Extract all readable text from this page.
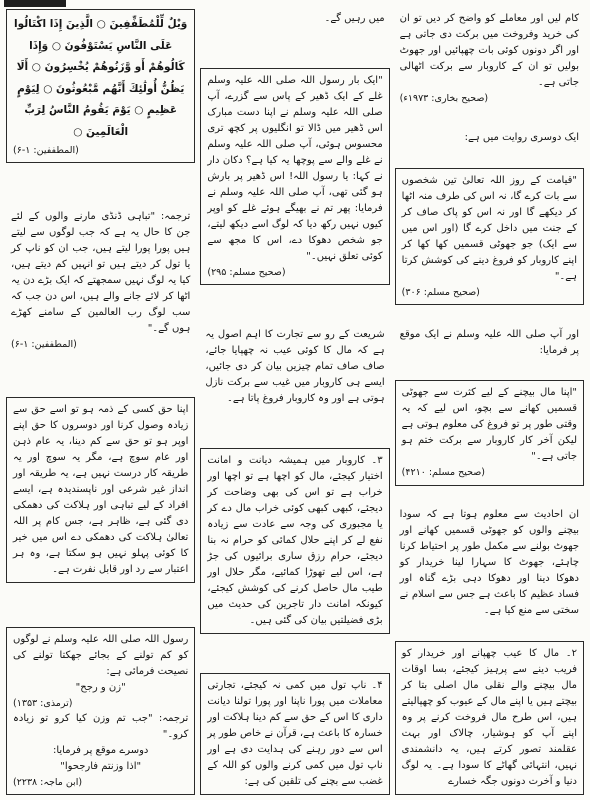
کام لیں اور معاملے کو واضح کر دیں تو ان کی خرید وفروخت میں برکت دی جاتی ہے اور اگر دونوں کوئی بات چھپائیں اور جھوٹ بولیں تو ان کے کاروبار سے برکت اٹھالی جاتی ہے۔

(صحیح بخاری: ۱۹۷۳ء)

ایک دوسری روایت میں ہے:

"قیامت کے روز اللہ تعالیٰ تین شخصوں سے بات کرے گا، نہ اس کی طرف منہ اٹھا کر دیکھے گا اور نہ اس کو پاک صاف کر کے جنت میں داخل کرے گا (اور اس میں سے ایک) جو جھوٹی قسمیں کھا کھا کر اپنے کاروبار کو فروغ دینے کی کوشش کرتا ہے۔"

(صحیح مسلم: ۳۰۶)

اور آپ صلی اللہ علیہ وسلم نے ایک موقع پر فرمایا:

"اپنا مال بیچنے کے لیے کثرت سے جھوٹی قسمیں کھانے سے بچو، اس لیے کہ یہ وقتی طور پر تو فروغ کی معلوم ہوتی ہے لیکن آخر کار کاروبار سے برکت ختم ہو جاتی ہے۔"

(صحیح مسلم: ۴۲۱۰)

ان احادیث سے معلوم ہوتا ہے کہ سودا بیچنے والوں کو جھوٹی قسمیں کھانے اور جھوٹ بولنے سے مکمل طور پر احتیاط کرنا چاہئے، جھوٹ کا سہارا لینا خریدار کو دھوکا دینا اور دھوکا دہی بڑے گناہ اور فساد عظیم کا باعث ہے جس سے اسلام نے سختی سے منع کیا ہے۔

۲۔ مال کا عیب چھپانے اور خریدار کو فریب دینے سے پرہیز کیجئے، بسا اوقات مال بیچنے والے نقلی مال اصلی بتا کر بیچتے ہیں یا اپنے مال کے عیوب کو چھپالیتے ہیں، اس طرح مال فروخت کرنے پر وہ اپنے آپ کو ہوشیار، چالاک اور بہت عقلمند تصور کرتے ہیں، یہ دانشمندی نہیں، انتہائی گھاٹے کا سودا ہے۔ یہ لوگ دنیا و آخرت دونوں جگہ خسارے

میں رہیں گے۔

"ایک بار رسول اللہ صلی اللہ علیہ وسلم غلے کے ایک ڈھیر کے پاس سے گزرے، آپ صلی اللہ علیہ وسلم نے اپنا دست مبارک اس ڈھیر میں ڈالا تو انگلیوں پر کچھ تری محسوس ہوئی، آپ صلی اللہ علیہ وسلم نے غلے والے سے پوچھا یہ کیا ہے؟ دکان دار نے کہا: یا رسول اللہ! اس ڈھیر پر بارش ہو گئی تھی، آپ صلی اللہ علیہ وسلم نے فرمایا: پھر تم نے بھیگے ہوئے غلے کو اوپر کیوں نہیں رکھ دیا کہ لوگ اسے دیکھ لیتے، جو شخص دھوکا دے، اس کا مجھ سے کوئی تعلق نہیں۔"

(صحیح مسلم: ۲۹۵)

شریعت کے رو سے تجارت کا اہم اصول یہ ہے کہ مال کا کوئی عیب نہ چھپایا جائے، صاف صاف تمام چیزیں بیان کر دی جائیں، ایسے ہی کاروبار میں غیب سے برکت نازل ہوتی ہے اور وہ کاروبار فروغ پاتا ہے۔

۳۔ کاروبار میں ہمیشہ دیانت و امانت اختیار کیجئے، مال کو اچھا ہے تو اچھا اور خراب ہے تو اس کی بھی وضاحت کر دیجئے، کبھی کبھی کوئی خراب مال دے کر یا مجبوری کی وجہ سے عادت سے زیادہ نفع لے کر اپنے حلال کمائی کو حرام نہ بنا دیجئے، حرام رزق ساری برائیوں کی جڑ ہے، اس لیے تھوڑا کمائیے، مگر حلال اور طیب مال حاصل کرنے کی کوشش کیجئے، کیونکہ امانت دار تاجرین کی حدیث میں بڑی فضیلتیں بیان کی گئی ہیں۔

۴۔ ناپ تول میں کمی نہ کیجئے، تجارتی معاملات میں پورا ناپنا اور پورا تولنا دیانت داری کا اس کے حق سے کم دینا ہلاکت اور خسارہ کا باعث ہے، قرآن نے خاص طور پر اس سے دور رہنے کی ہدایت دی ہے اور ناپ تول میں کمی کرنے والوں کو اللہ کے غضب سے بچنے کی تلقین کی ہے:

وَيْلٌ لِّلْمُطَفِّفِينَ ○ الَّذِينَ إِذَا اكْتَالُوا عَلَى النَّاسِ يَسْتَوْفُونَ ○ وَإِذَا كَالُوهُمْ أَو وَّزَنُوهُمْ يُخْسِرُونَ ○ أَلَا يَظُنُّ أُولَٰئِكَ أَنَّهُم مَّبْعُوثُونَ ○ لِيَوْمٍ عَظِيمٍ ○ يَوْمَ يَقُومُ النَّاسُ لِرَبِّ الْعَالَمِينَ ○

(المطففین: ۱-۶)

ترجمہ: "تباہی ڈنڈی مارنے والوں کے لئے جن کا حال یہ ہے کہ جب لوگوں سے لیتے ہیں پورا پورا لیتے ہیں، جب ان کو ناپ کر یا تول کر دیتے ہیں تو انہیں کم دیتے ہیں، کیا یہ لوگ نہیں سمجھتے کہ ایک بڑے دن یہ اٹھا کر لائے جانے والے ہیں، اس دن جب کہ سب لوگ رب العالمین کے سامنے کھڑے ہوں گے۔"

(المطففین: ۱-۶)

اپنا حق کسی کے ذمہ ہو تو اسے حق سے زیادہ وصول کرنا اور دوسروں کا حق اپنے اوپر ہو تو حق سے کم دینا، یہ عام ذہن اور عام سوچ ہے، مگر یہ سوچ اور یہ طریقہ کار درست نہیں ہے، یہ طریقہ اور انداز غیر شرعی اور ناپسندیدہ ہے، ایسے افراد کے لیے تباہی اور ہلاکت کی دھمکی دی گئی ہے، ظاہر ہے، جس کام پر اللہ تعالیٰ ہلاکت کی دھمکی دے اس میں خیر کا کوئی پہلو نہیں ہو سکتا ہے، وہ ہر اعتبار سے رد اور قابل نفرت ہے۔

رسول اللہ صلی اللہ علیہ وسلم نے لوگوں کو کم تولنے کے بجائے جھکتا تولنے کی نصیحت فرمائی ہے:

"زن و رجح"

(ترمذی: ۱۳۵۳)

ترجمہ: "جب تم وزن کیا کرو تو زیادہ کرو۔"

دوسرے موقع پر فرمایا:

"اذا وزنتم فارجحوا"

(ابن ماجہ: ۲۲۳۸)
